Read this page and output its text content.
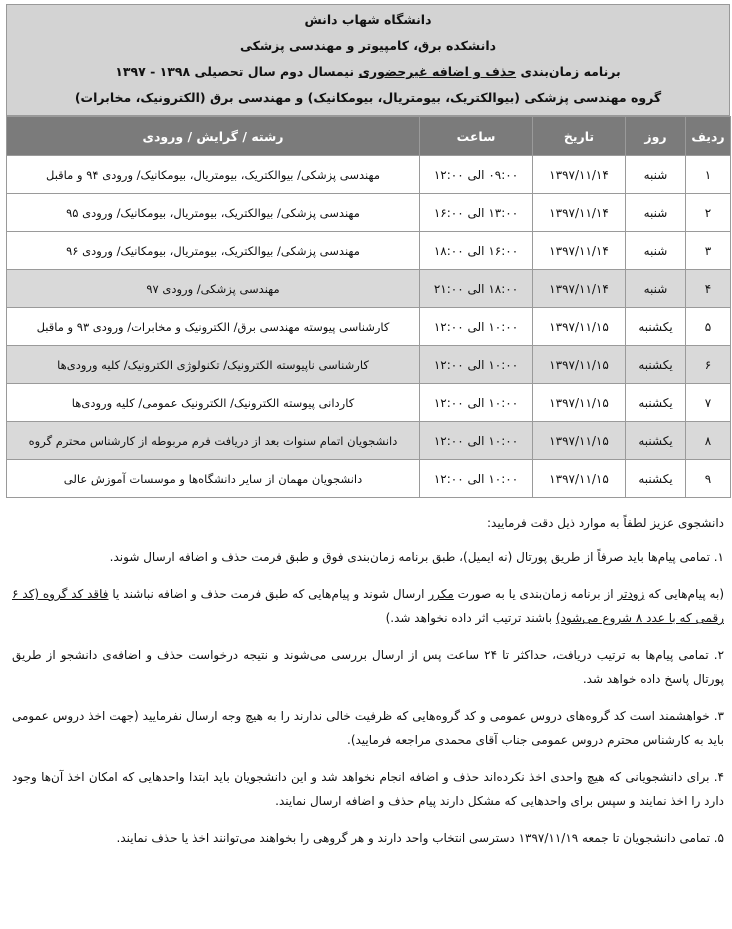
دانشگاه شهاب دانش
دانشکده برق، کامپیوتر و مهندسی پزشکی
برنامه زمان‌بندی حذف و اضافه غیرحضوری نیمسال دوم سال تحصیلی ۱۳۹۸ - ۱۳۹۷
گروه مهندسی پزشکی (بیوالکتریک، بیومتریال، بیومکانیک) و مهندسی برق (الکترونیک، مخابرات)
ردیف	روز	تاریخ	ساعت	رشته / گرایش / ورودی
۱	شنبه	۱۳۹۷/۱۱/۱۴	۰۹:۰۰ الی ۱۲:۰۰	مهندسی پزشکی/ بیوالکتریک، بیومتریال، بیومکانیک/ ورودی ۹۴ و ماقبل
۲	شنبه	۱۳۹۷/۱۱/۱۴	۱۳:۰۰ الی ۱۶:۰۰	مهندسی پزشکی/ بیوالکتریک، بیومتریال، بیومکانیک/ ورودی ۹۵
۳	شنبه	۱۳۹۷/۱۱/۱۴	۱۶:۰۰ الی ۱۸:۰۰	مهندسی پزشکی/ بیوالکتریک، بیومتریال، بیومکانیک/ ورودی ۹۶
۴	شنبه	۱۳۹۷/۱۱/۱۴	۱۸:۰۰ الی ۲۱:۰۰	مهندسی پزشکی/ ورودی ۹۷
۵	یکشنبه	۱۳۹۷/۱۱/۱۵	۱۰:۰۰ الی ۱۲:۰۰	کارشناسی پیوسته مهندسی برق/ الکترونیک و مخابرات/ ورودی ۹۳ و ماقبل
۶	یکشنبه	۱۳۹۷/۱۱/۱۵	۱۰:۰۰ الی ۱۲:۰۰	کارشناسی ناپیوسته الکترونیک/ تکنولوژی الکترونیک/ کلیه ورودی‌ها
۷	یکشنبه	۱۳۹۷/۱۱/۱۵	۱۰:۰۰ الی ۱۲:۰۰	کاردانی پیوسته الکترونیک/ الکترونیک عمومی/ کلیه ورودی‌ها
۸	یکشنبه	۱۳۹۷/۱۱/۱۵	۱۰:۰۰ الی ۱۲:۰۰	دانشجویان اتمام سنوات بعد از دریافت فرم مربوطه از کارشناس محترم گروه
۹	یکشنبه	۱۳۹۷/۱۱/۱۵	۱۰:۰۰ الی ۱۲:۰۰	دانشجویان مهمان از سایر دانشگاه‌ها و موسسات آموزش عالی

دانشجوی عزیز لطفاً به موارد ذیل دقت فرمایید:

۱. تمامی پیام‌ها باید صرفاً از طریق پورتال (نه ایمیل)، طبق برنامه زمان‌بندی فوق و طبق فرمت حذف و اضافه ارسال شوند.

(به پیام‌هایی که زودتر از برنامه زمان‌بندی یا به صورت مکرر ارسال شوند و پیام‌هایی که طبق فرمت حذف و اضافه نباشند یا فاقد کد گروه (کد ۶ رقمی که با عدد ۸ شروع می‌شود) باشند ترتیب اثر داده نخواهد شد.)

۲. تمامی پیام‌ها به ترتیب دریافت، حداکثر تا ۲۴ ساعت پس از ارسال بررسی می‌شوند و نتیجه درخواست حذف و اضافه‌ی دانشجو از طریق پورتال پاسخ داده خواهد شد.

۳. خواهشمند است کد گروه‌های دروس عمومی و کد گروه‌هایی که ظرفیت خالی ندارند را به هیچ وجه ارسال نفرمایید (جهت اخذ دروس عمومی باید به کارشناس محترم دروس عمومی جناب آقای محمدی مراجعه فرمایید).

۴. برای دانشجویانی که هیچ واحدی اخذ نکرده‌اند حذف و اضافه انجام نخواهد شد و این دانشجویان باید ابتدا واحدهایی که امکان اخذ آن‌ها وجود دارد را اخذ نمایند و سپس برای واحدهایی که مشکل دارند پیام حذف و اضافه ارسال نمایند.

۵. تمامی دانشجویان تا جمعه ۱۳۹۷/۱۱/۱۹ دسترسی انتخاب واحد دارند و هر گروهی را بخواهند می‌توانند اخذ یا حذف نمایند.
